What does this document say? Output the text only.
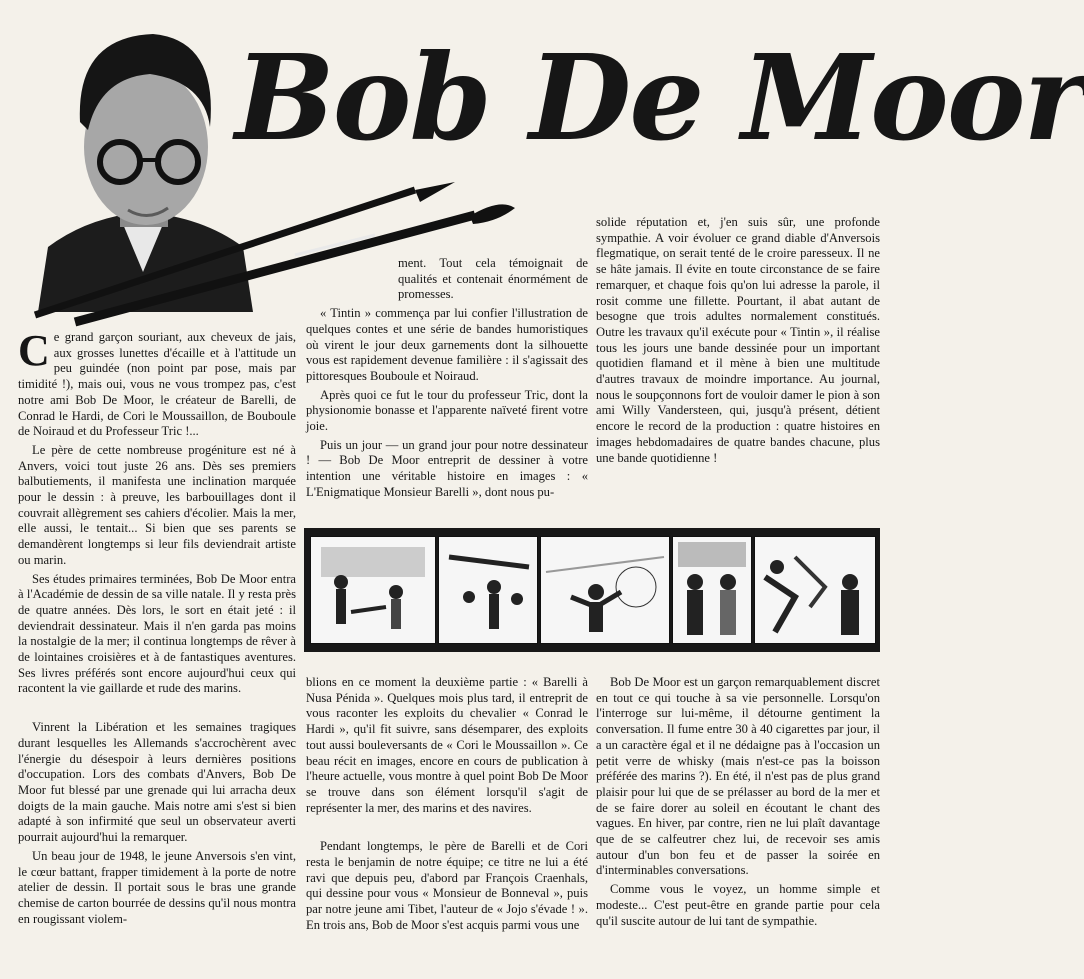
Bob De Moor

Ce grand garçon souriant, aux cheveux de jais, aux grosses lunettes d'écaille et à l'attitude un peu guindée (non point par pose, mais par timidité !), mais oui, vous ne vous trompez pas, c'est notre ami Bob De Moor, le créateur de Barelli, de Conrad le Hardi, de Cori le Moussaillon, de Bouboule de Noiraud et du Professeur Tric !...

Le père de cette nombreuse progéniture est né à Anvers, voici tout juste 26 ans. Dès ses premiers balbutiements, il manifesta une inclination marquée pour le dessin : à preuve, les barbouillages dont il couvrait allègrement ses cahiers d'écolier. Mais la mer, elle aussi, le tentait... Si bien que ses parents se demandèrent longtemps si leur fils deviendrait artiste ou marin.

Ses études primaires terminées, Bob De Moor entra à l'Académie de dessin de sa ville natale. Il y resta près de quatre années. Dès lors, le sort en était jeté : il deviendrait dessinateur. Mais il n'en garda pas moins la nostalgie de la mer; il continua longtemps de rêver à de lointaines croisières et à de fantastiques aventures. Ses livres préférés sont encore aujourd'hui ceux qui racontent la vie gaillarde et rude des marins.

Vinrent la Libération et les semaines tragiques durant lesquelles les Allemands s'accrochèrent avec l'énergie du désespoir à leurs dernières positions d'occupation. Lors des combats d'Anvers, Bob De Moor fut blessé par une grenade qui lui arracha deux doigts de la main gauche. Mais notre ami s'est si bien adapté à son infirmité que seul un observateur averti pourrait aujourd'hui la remarquer.

Un beau jour de 1948, le jeune Anversois s'en vint, le cœur battant, frapper timidement à la porte de notre atelier de dessin. Il portait sous le bras une grande chemise de carton bourrée de dessins qu'il nous montra en rougissant violem-

ment. Tout cela témoignait de qualités et contenait énormément de promesses.

« Tintin » commença par lui confier l'illustration de quelques contes et une série de bandes humoristiques où virent le jour deux garnements dont la silhouette vous est rapidement devenue familière : il s'agissait des pittoresques Bouboule et Noiraud.

Après quoi ce fut le tour du professeur Tric, dont la physionomie bonasse et l'apparente naïveté firent votre joie.

Puis un jour — un grand jour pour notre dessinateur ! — Bob De Moor entreprit de dessiner à votre intention une véritable histoire en images : « L'Enigmatique Monsieur Barelli », dont nous pu-

solide réputation et, j'en suis sûr, une profonde sympathie. A voir évoluer ce grand diable d'Anversois flegmatique, on serait tenté de le croire paresseux. Il ne se hâte jamais. Il évite en toute circonstance de se faire remarquer, et chaque fois qu'on lui adresse la parole, il rosit comme une fillette. Pourtant, il abat autant de besogne que trois adultes normalement constitués. Outre les travaux qu'il exécute pour « Tintin », il réalise tous les jours une bande dessinée pour un important quotidien flamand et il mène à bien une multitude d'autres travaux de moindre importance. Au journal, nous le soupçonnons fort de vouloir damer le pion à son ami Willy Vandersteen, qui, jusqu'à présent, détient encore le record de la production : quatre histoires en images hebdomadaires de quatre bandes chacune, plus une bande quotidienne !

blions en ce moment la deuxième partie : « Barelli à Nusa Pénida ». Quelques mois plus tard, il entreprit de vous raconter les exploits du chevalier « Conrad le Hardi », qu'il fit suivre, sans désemparer, des exploits tout aussi bouleversants de « Cori le Moussaillon ». Ce beau récit en images, encore en cours de publication à l'heure actuelle, vous montre à quel point Bob De Moor se trouve dans son élément lorsqu'il s'agit de représenter la mer, des marins et des navires.

Pendant longtemps, le père de Barelli et de Cori resta le benjamin de notre équipe; ce titre ne lui a été ravi que depuis peu, d'abord par François Craenhals, qui dessine pour vous « Monsieur de Bonneval », puis par notre jeune ami Tibet, l'auteur de « Jojo s'évade ! ». En trois ans, Bob de Moor s'est acquis parmi vous une

Bob De Moor est un garçon remarquablement discret en tout ce qui touche à sa vie personnelle. Lorsqu'on l'interroge sur lui-même, il détourne gentiment la conversation. Il fume entre 30 à 40 cigarettes par jour, il a un caractère égal et il ne dédaigne pas à l'occasion un petit verre de whisky (mais n'est-ce pas la boisson préférée des marins ?). En été, il n'est pas de plus grand plaisir pour lui que de se prélasser au bord de la mer et de se faire dorer au soleil en écoutant le chant des vagues. En hiver, par contre, rien ne lui plaît davantage que de se calfeutrer chez lui, de recevoir ses amis autour d'un bon feu et de passer la soirée en d'interminables conversations.

Comme vous le voyez, un homme simple et modeste... C'est peut-être en grande partie pour cela qu'il suscite autour de lui tant de sympathie.
